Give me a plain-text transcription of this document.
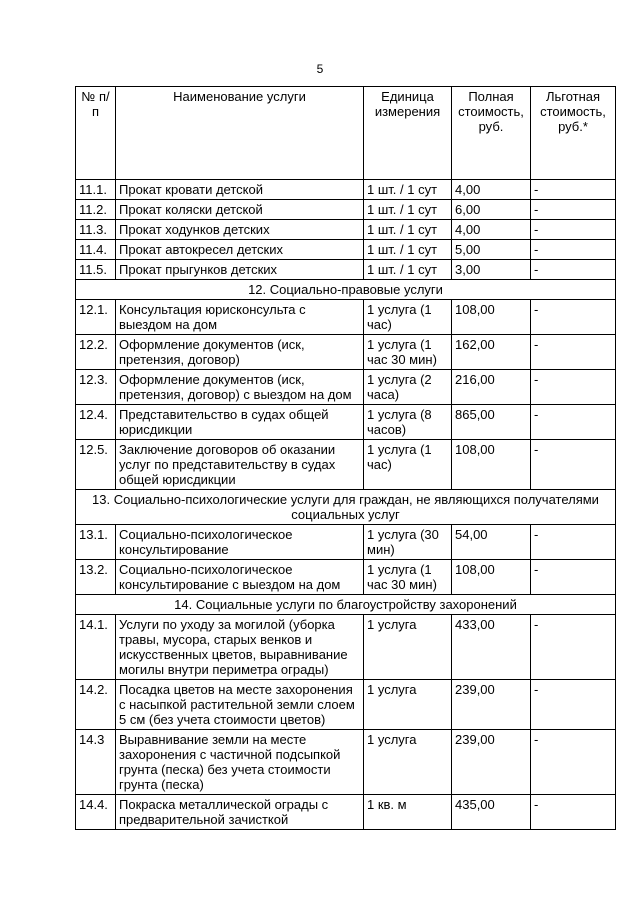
5
№ п/п	Наименование услуги	Единица измерения	Полная стоимость, руб.	Льготная стоимость, руб.*
11.1.	Прокат кровати детской	1 шт. / 1 сут	4,00	-
11.2.	Прокат коляски детской	1 шт. / 1 сут	6,00	-
11.3.	Прокат ходунков детских	1 шт. / 1 сут	4,00	-
11.4.	Прокат автокресел детских	1 шт. / 1 сут	5,00	-
11.5.	Прокат прыгунков детских	1 шт. / 1 сут	3,00	-
12. Социально-правовые услуги				
12.1.	Консультация юрисконсульта с выездом на дом	1 услуга (1 час)	108,00	-
12.2.	Оформление документов (иск, претензия, договор)	1 услуга (1 час 30 мин)	162,00	-
12.3.	Оформление документов (иск, претензия, договор) с выездом на дом	1 услуга (2 часа)	216,00	-
12.4.	Представительство в судах общей юрисдикции	1 услуга (8 часов)	865,00	-
12.5.	Заключение договоров об оказании услуг по представительству в судах общей юрисдикции	1 услуга (1 час)	108,00	-
13. Социально-психологические услуги для граждан, не являющихся получателями социальных услуг				
13.1.	Социально-психологическое консультирование	1 услуга (30 мин)	54,00	-
13.2.	Социально-психологическое консультирование с выездом на дом	1 услуга (1 час 30 мин)	108,00	-
14. Социальные услуги по благоустройству захоронений				
14.1.	Услуги по уходу за могилой (уборка травы, мусора, старых венков и искусственных цветов, выравнивание могилы внутри периметра ограды)	1 услуга	433,00	-
14.2.	Посадка цветов на месте захоронения с насыпкой растительной земли слоем 5 см (без учета стоимости цветов)	1 услуга	239,00	-
14.3	Выравнивание земли на месте захоронения с частичной подсыпкой грунта (песка) без учета стоимости грунта (песка)	1 услуга	239,00	-
14.4.	Покраска металлической ограды с предварительной зачисткой	1 кв. м	435,00	-
